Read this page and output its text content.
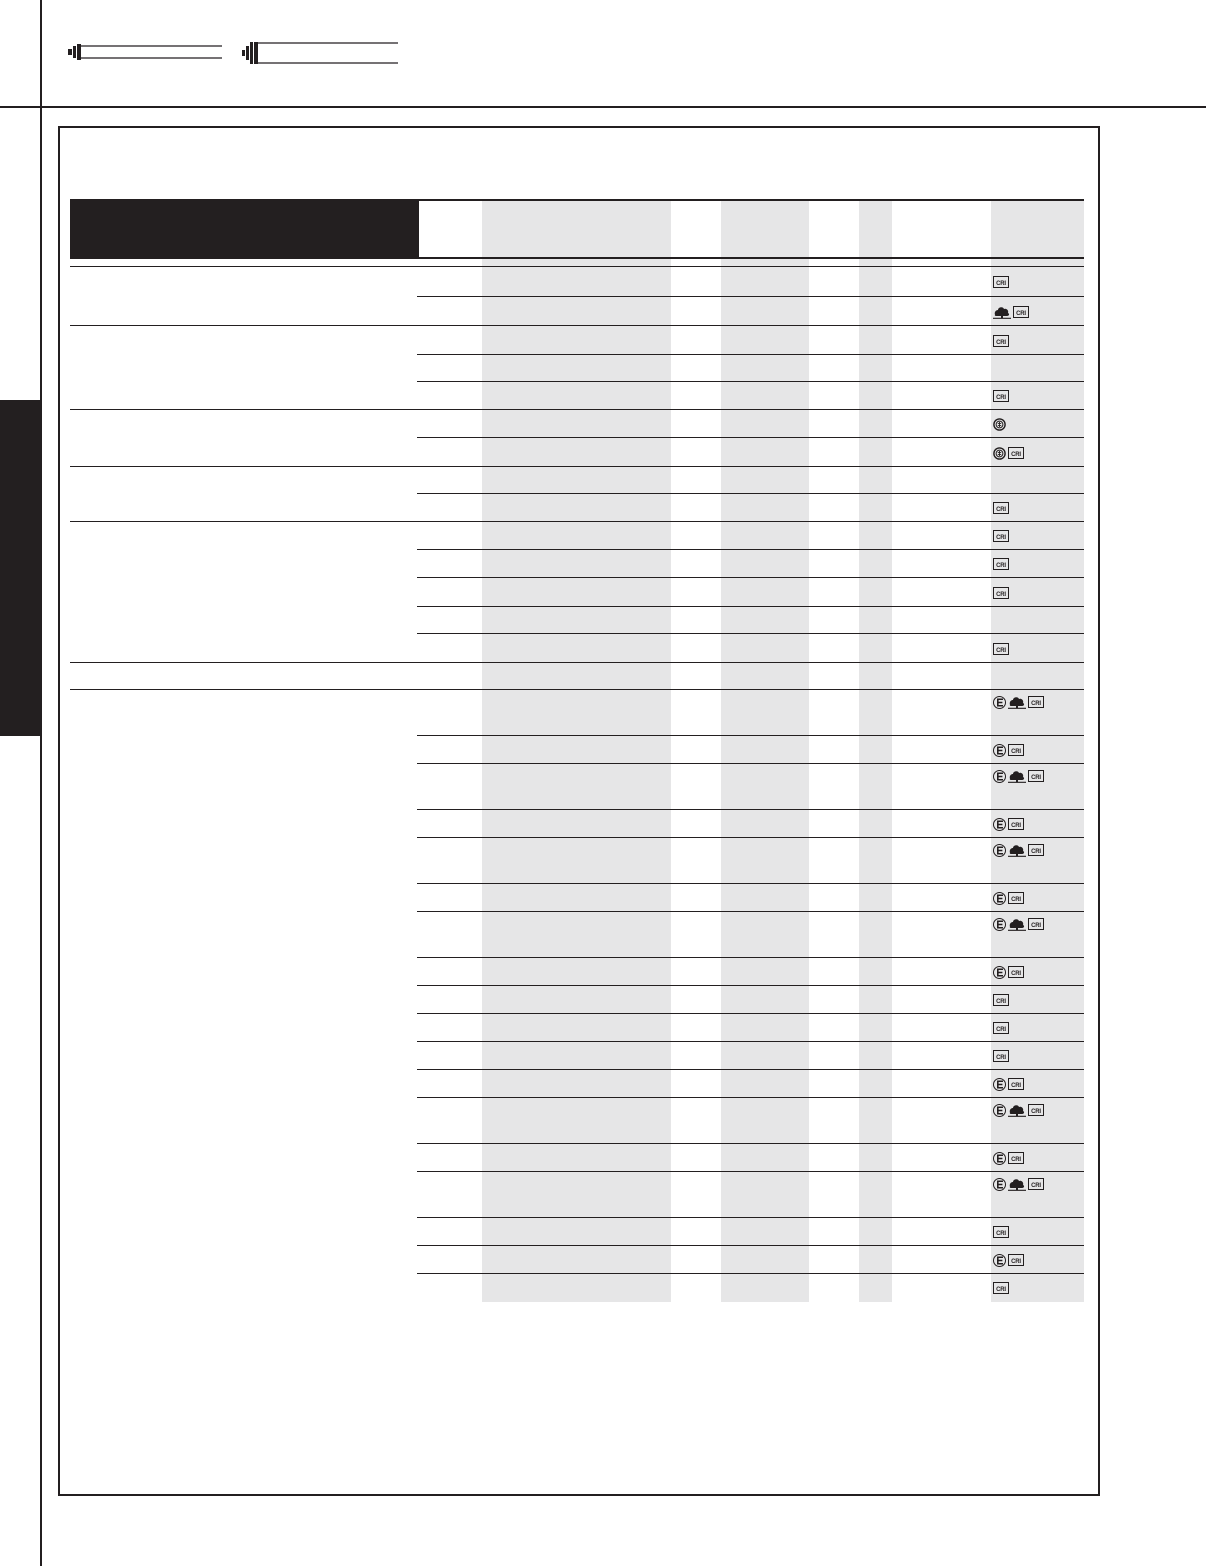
CRI
CRI
CRI
CRI
CRI
CRI
CRI
CRI
CRI
CRI
CRI
CRI
CRI
CRI
CRI
CRI
CRI
CRI
CRI
CRI
CRI
CRI
CRI
CRI
CRI
CRI
CRI
CRI
